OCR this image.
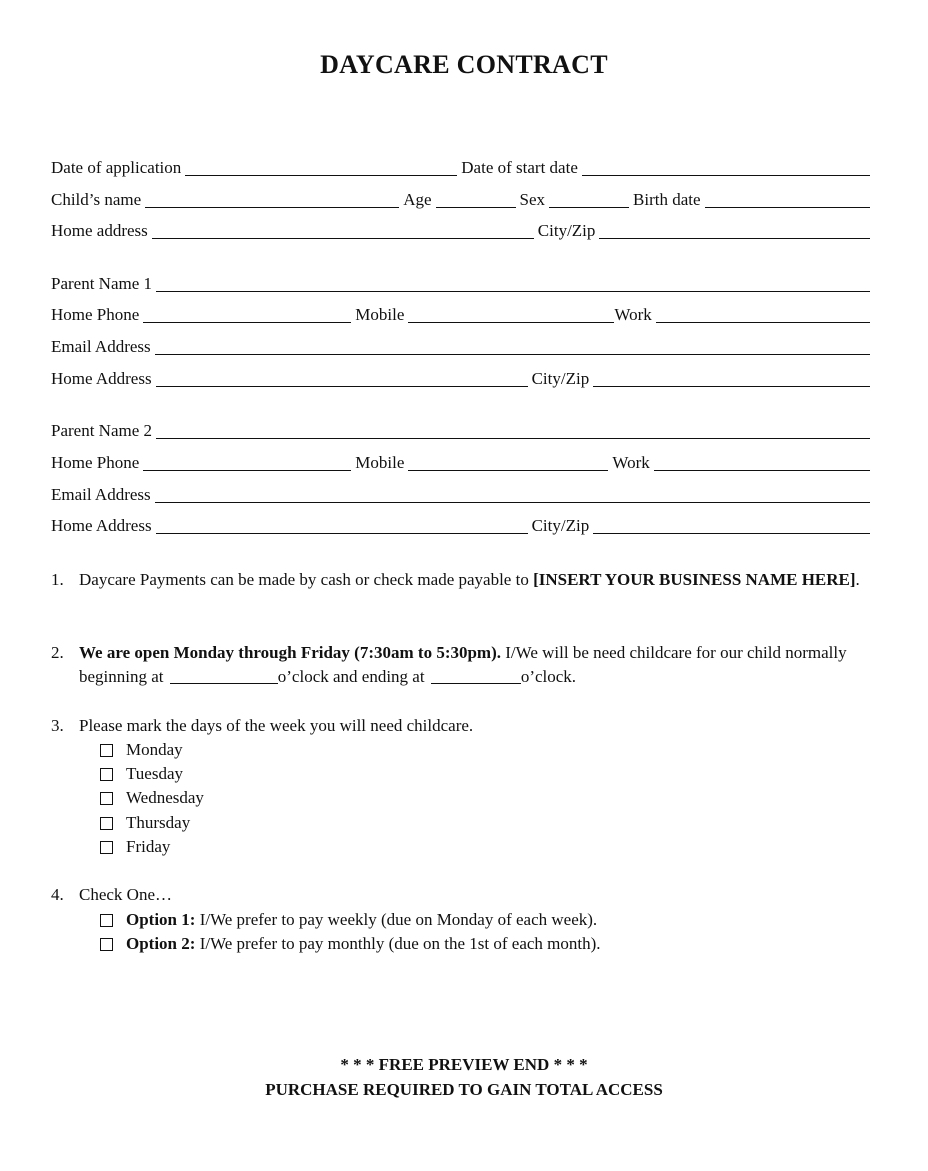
DAYCARE CONTRACT
Date of application	Date of start date
Child’s name	Age	Sex	Birth date
Home address	City/Zip
Parent Name 1
Home Phone	Mobile	Work
Email Address
Home Address	City/Zip
Parent Name 2
Home Phone	Mobile	Work
Email Address
Home Address	City/Zip
1. Daycare Payments can be made by cash or check made payable to [INSERT YOUR BUSINESS NAME HERE].
2. We are open Monday through Friday (7:30am to 5:30pm). I/We will be need childcare for our child normally beginning at	o’clock and ending at	o’clock.
3. Please mark the days of the week you will need childcare.
Monday
Tuesday
Wednesday
Thursday
Friday
4. Check One…
Option 1: I/We prefer to pay weekly (due on Monday of each week).
Option 2: I/We prefer to pay monthly (due on the 1st of each month).
* * * FREE PREVIEW END * * *
PURCHASE REQUIRED TO GAIN TOTAL ACCESS
